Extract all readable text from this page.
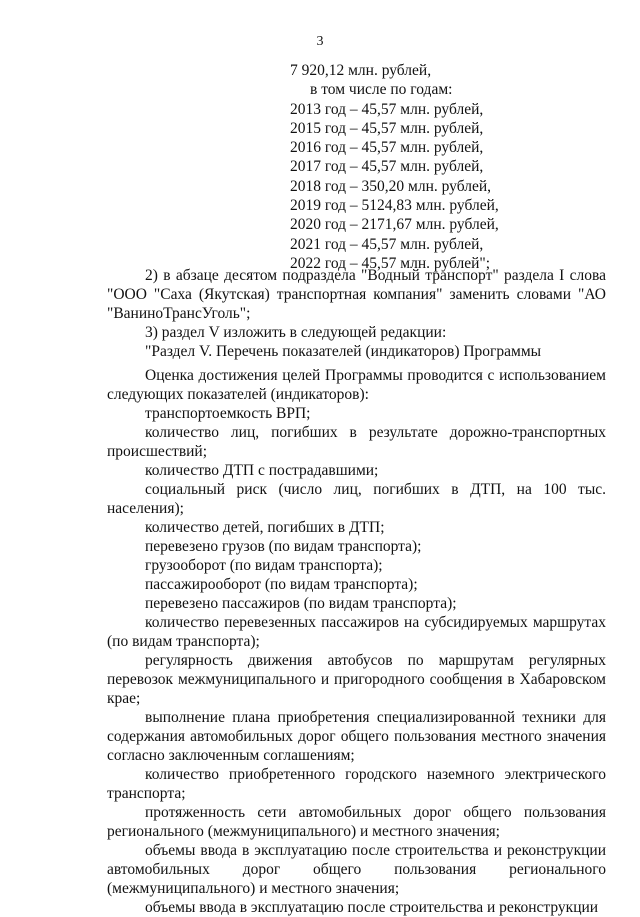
3
7 920,12 млн. рублей,
в том числе по годам:
2013 год – 45,57 млн. рублей,
2015 год – 45,57 млн. рублей,
2016 год – 45,57 млн. рублей,
2017 год – 45,57 млн. рублей,
2018 год – 350,20 млн. рублей,
2019 год – 5124,83 млн. рублей,
2020 год – 2171,67 млн. рублей,
2021 год – 45,57 млн. рублей,
2022 год – 45,57 млн. рублей";

2) в абзаце десятом подраздела "Водный транспорт" раздела I слова "ООО "Саха (Якутская) транспортная компания" заменить словами "АО "ВаниноТрансУголь";

3) раздел V изложить в следующей редакции:

"Раздел V. Перечень показателей (индикаторов) Программы

Оценка достижения целей Программы проводится с использованием следующих показателей (индикаторов):

транспортоемкость ВРП;

количество лиц, погибших в результате дорожно-транспортных происшествий;

количество ДТП с пострадавшими;

социальный риск (число лиц, погибших в ДТП, на 100 тыс. населения);

количество детей, погибших в ДТП;

перевезено грузов (по видам транспорта);

грузооборот (по видам транспорта);

пассажирооборот (по видам транспорта);

перевезено пассажиров (по видам транспорта);

количество перевезенных пассажиров на субсидируемых маршрутах (по видам транспорта);

регулярность движения автобусов по маршрутам регулярных перевозок межмуниципального и пригородного сообщения в Хабаровском крае;

выполнение плана приобретения специализированной техники для содержания автомобильных дорог общего пользования местного значения согласно заключенным соглашениям;

количество приобретенного городского наземного электрического транспорта;

протяженность сети автомобильных дорог общего пользования регионального (межмуниципального) и местного значения;

объемы ввода в эксплуатацию после строительства и реконструкции автомобильных дорог общего пользования регионального (межмуниципального) и местного значения;

объемы ввода в эксплуатацию после строительства и реконструкции
